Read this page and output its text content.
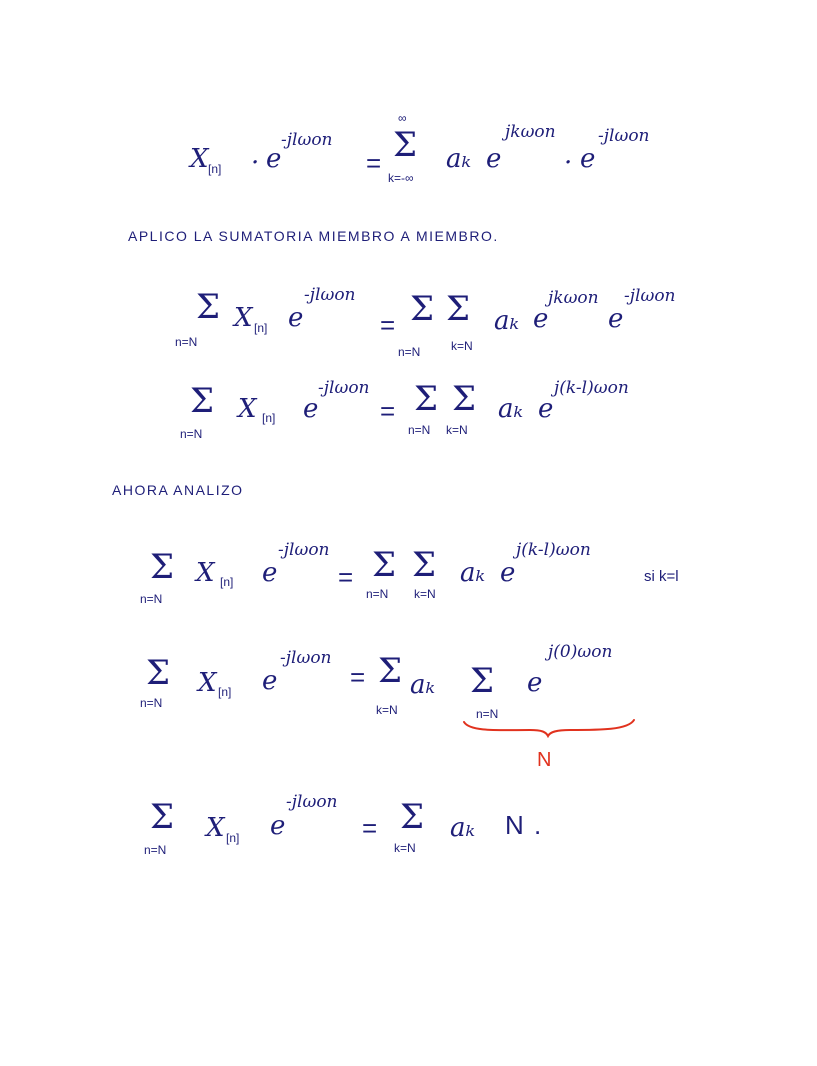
X [n] · e
-jlωon
=
∞
Σ
k=-∞
aₖ e
jkωon
· e
-jlωon
APLICO LA SUMATORIA MIEMBRO A MIEMBRO.
Σ
n=N
X [n] e
-jlωon
= Σ
n=N
Σ
k=N
aₖ e
jkωon
e
-jlωon
Σ
n=N
X [n] e
-jlωon
= Σ
n=N
Σ
k=N
aₖ e
j(k-l)ωon
AHORA ANALIZO
Σ
n=N
X [n] e
-jlωon
= Σ
n=N
Σ
k=N
aₖ e
j(k-l)ωon
si k=l
Σ
n=N
X [n] e
-jlωon
= Σ
k=N
aₖ Σ
n=N
e
j(0)ωon
N
Σ
n=N
X [n] e
-jlωon
= Σ
k=N
aₖ N .
